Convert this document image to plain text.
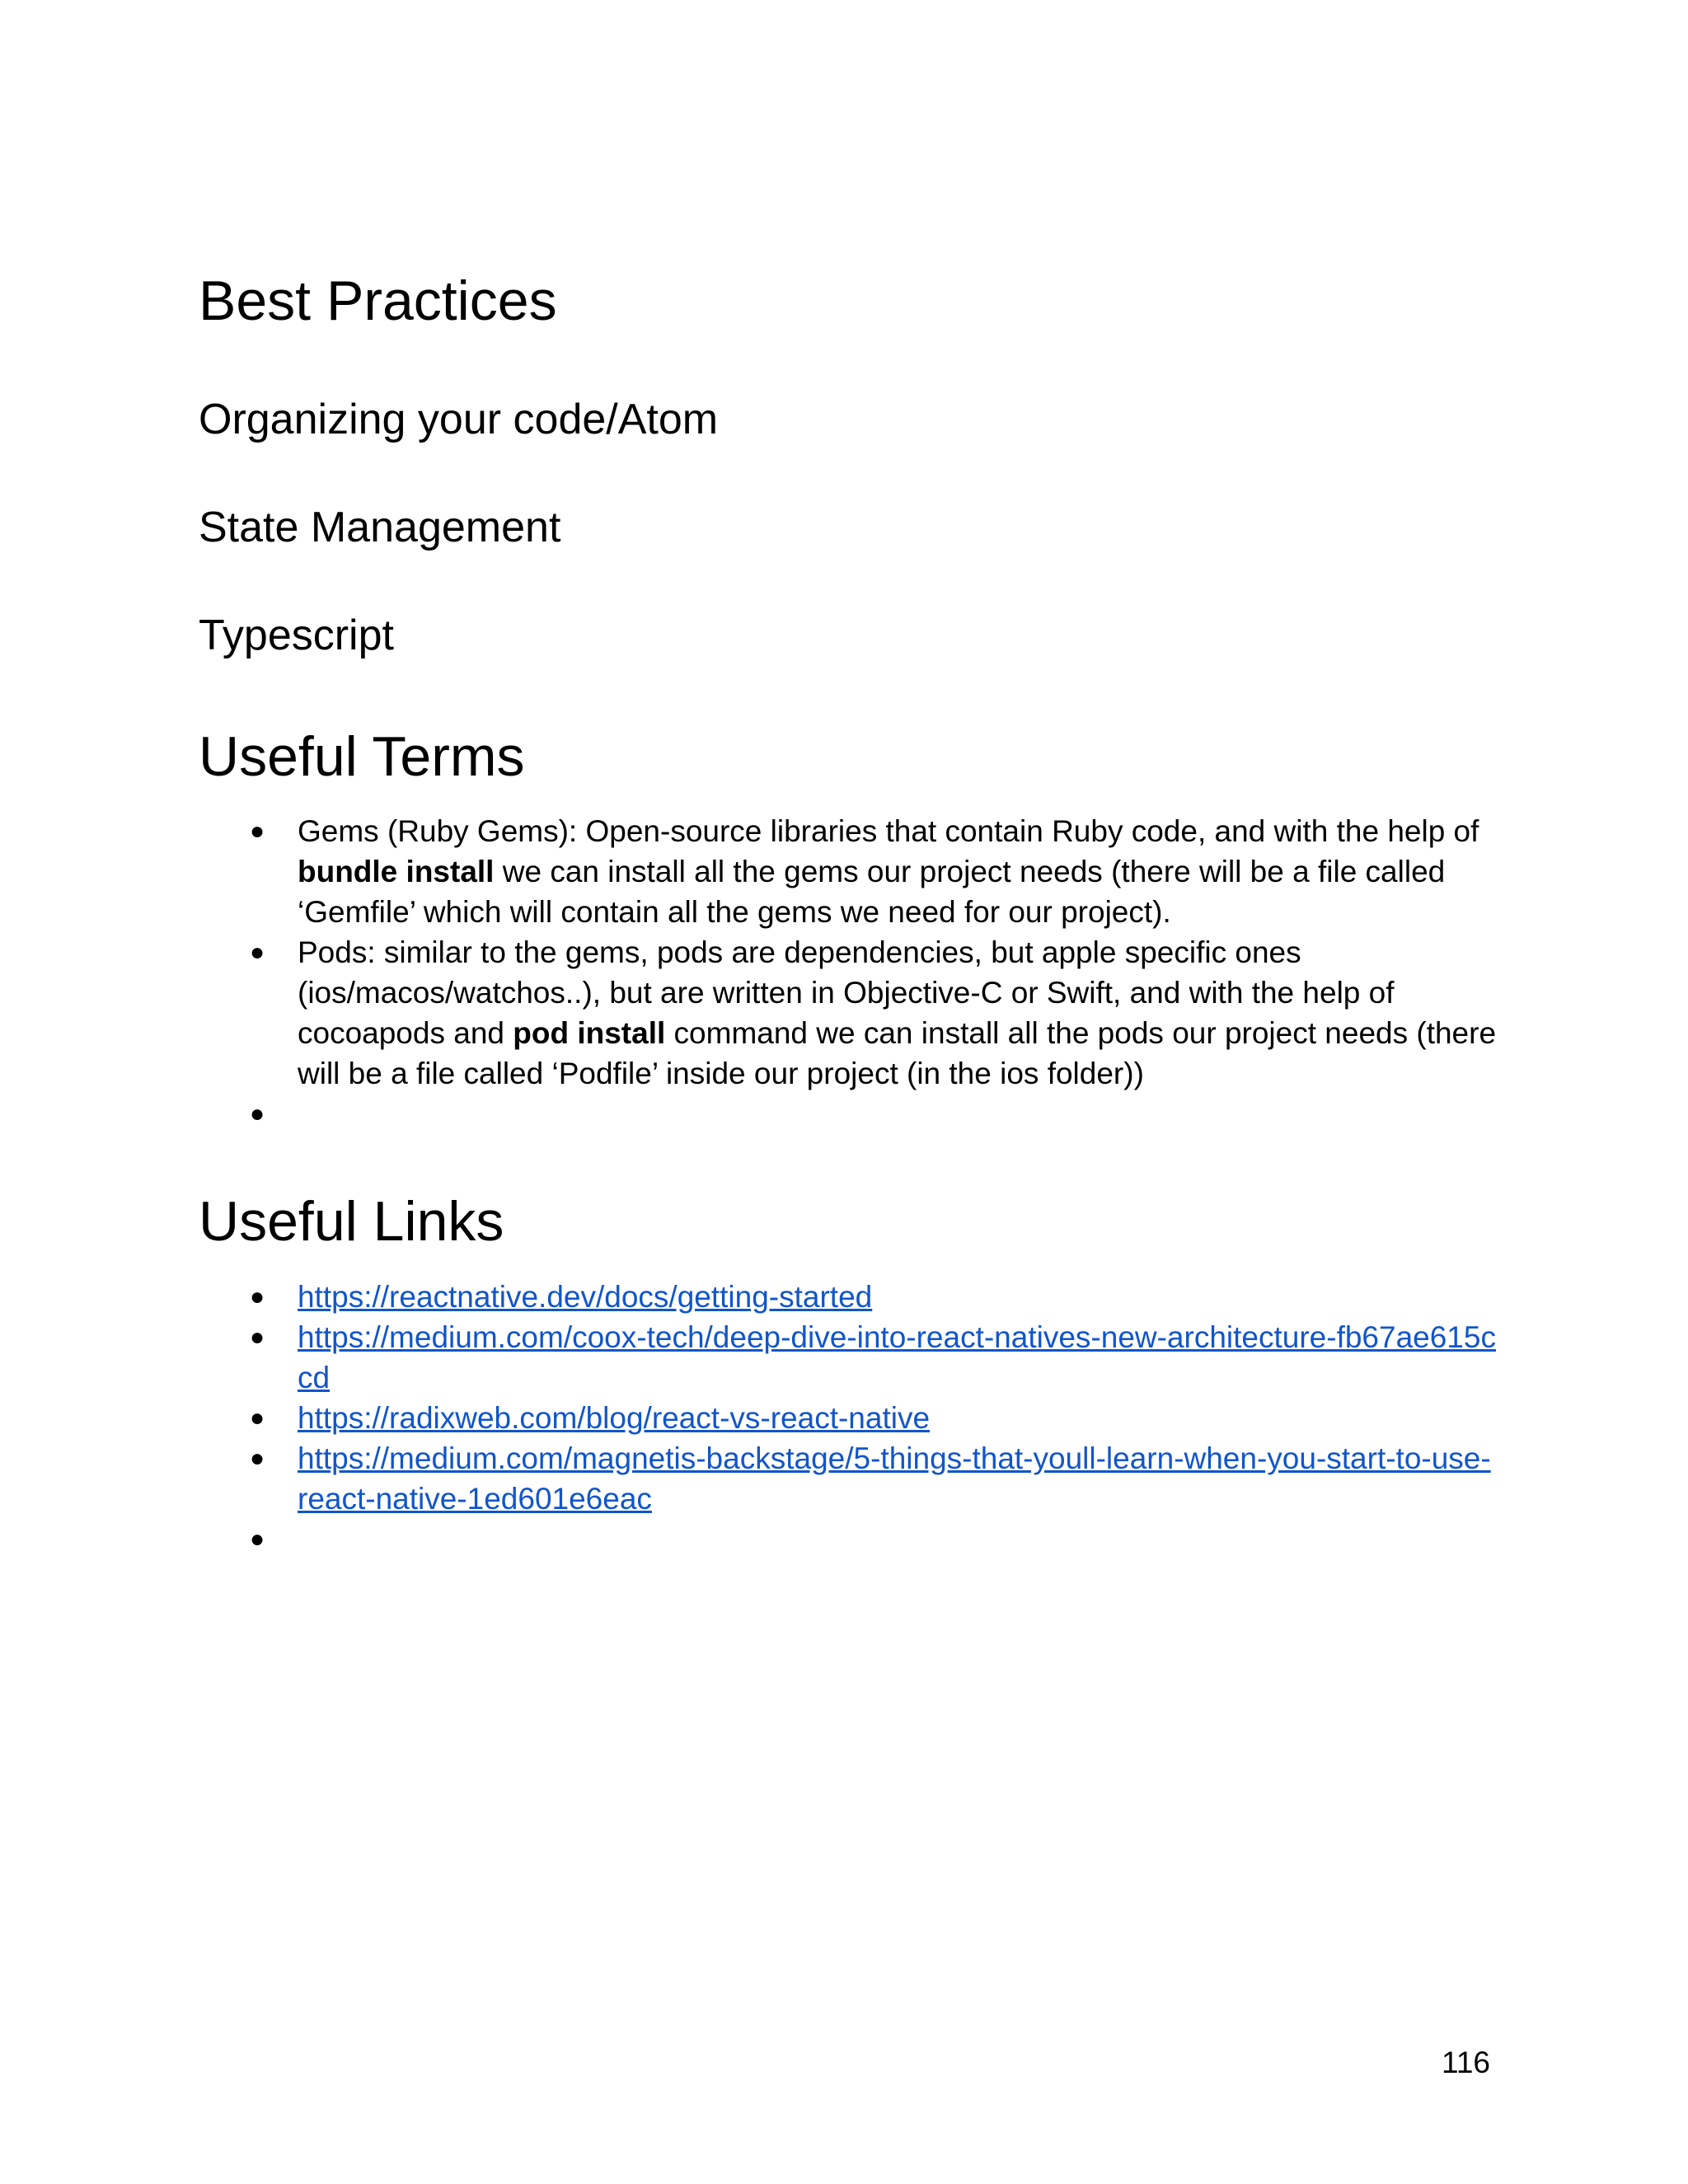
Best Practices
Organizing your code/Atom
State Management
Typescript
Useful Terms
● Gems (Ruby Gems): Open-source libraries that contain Ruby code, and with the help of bundle install we can install all the gems our project needs (there will be a file called ‘Gemfile’ which will contain all the gems we need for our project).
● Pods: similar to the gems, pods are dependencies, but apple specific ones (ios/macos/watchos..), but are written in Objective-C or Swift, and with the help of cocoapods and pod install command we can install all the pods our project needs (there will be a file called ‘Podfile’ inside our project (in the ios folder))
●
Useful Links
● https://reactnative.dev/docs/getting-started
● https://medium.com/coox-tech/deep-dive-into-react-natives-new-architecture-fb67ae615ccd
● https://radixweb.com/blog/react-vs-react-native
● https://medium.com/magnetis-backstage/5-things-that-youll-learn-when-you-start-to-use-react-native-1ed601e6eac
●
116
